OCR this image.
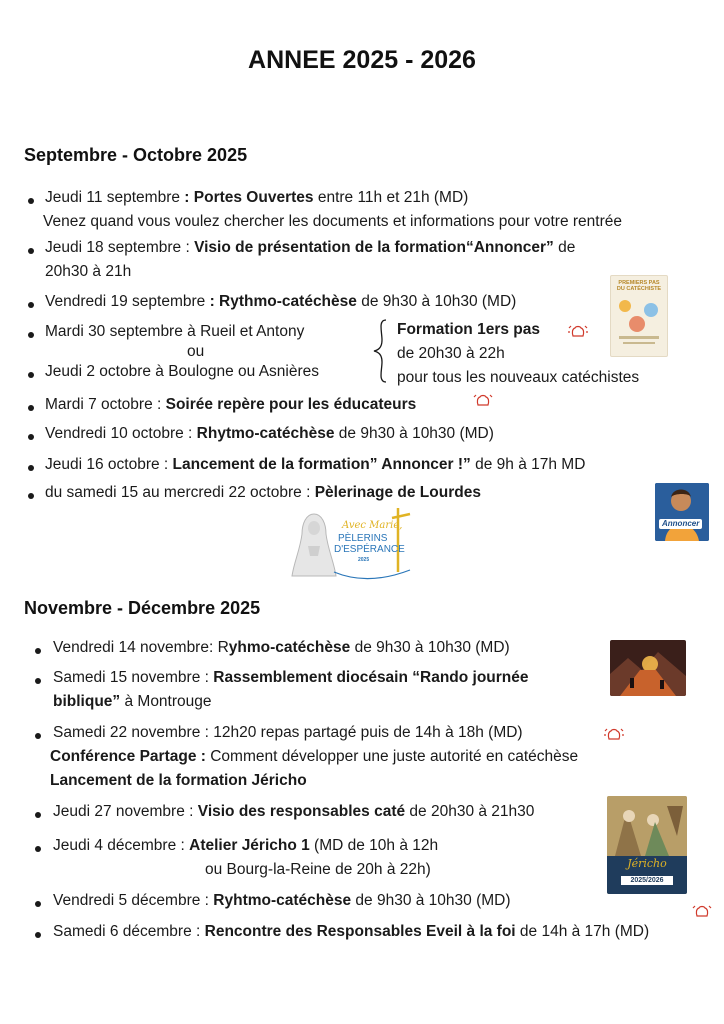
ANNEE 2025 - 2026
Septembre - Octobre 2025
Jeudi 11 septembre : Portes Ouvertes entre 11h et 21h (MD)
Venez quand vous voulez chercher les documents et informations pour votre rentrée
Jeudi 18 septembre : Visio de présentation de la formation“Annoncer” de
20h30 à 21h
Vendredi 19 septembre : Rythmo-catéchèse de 9h30 à 10h30 (MD)
Mardi 30 septembre à Rueil et Antony
ou
Jeudi 2 octobre à Boulogne ou Asnières
Formation 1ers pas
de 20h30 à 22h
pour tous les nouveaux catéchistes
Mardi 7 octobre : Soirée repère pour les éducateurs
Vendredi 10 octobre : Rhytmo-catéchèse de 9h30 à 10h30 (MD)
Jeudi 16 octobre : Lancement de la formation” Annoncer !” de 9h à 17h MD
du samedi 15 au mercredi 22 octobre : Pèlerinage de Lourdes
PREMIERS PAS
DU CATÉCHISTE
Annoncer
Avec Marie,
PÈLERINS
D'ESPÉRANCE
2025
Novembre - Décembre 2025
Vendredi 14 novembre: Ryhmo-catéchèse de 9h30 à 10h30 (MD)
Samedi 15 novembre : Rassemblement diocésain “Rando journée
biblique” à Montrouge
Samedi 22 novembre : 12h20 repas partagé puis de 14h à 18h (MD)
Conférence Partage : Comment développer une juste autorité en catéchèse
Lancement de la formation Jéricho
Jeudi 27 novembre : Visio des responsables caté de 20h30 à 21h30
Jeudi 4 décembre : Atelier Jéricho 1 (MD de 10h à 12h
ou Bourg-la-Reine de 20h à 22h)
Vendredi 5 décembre : Ryhtmo-catéchèse de 9h30 à 10h30 (MD)
Samedi 6 décembre : Rencontre des Responsables Eveil à la foi de 14h à 17h (MD)
Jéricho
2025/2026
